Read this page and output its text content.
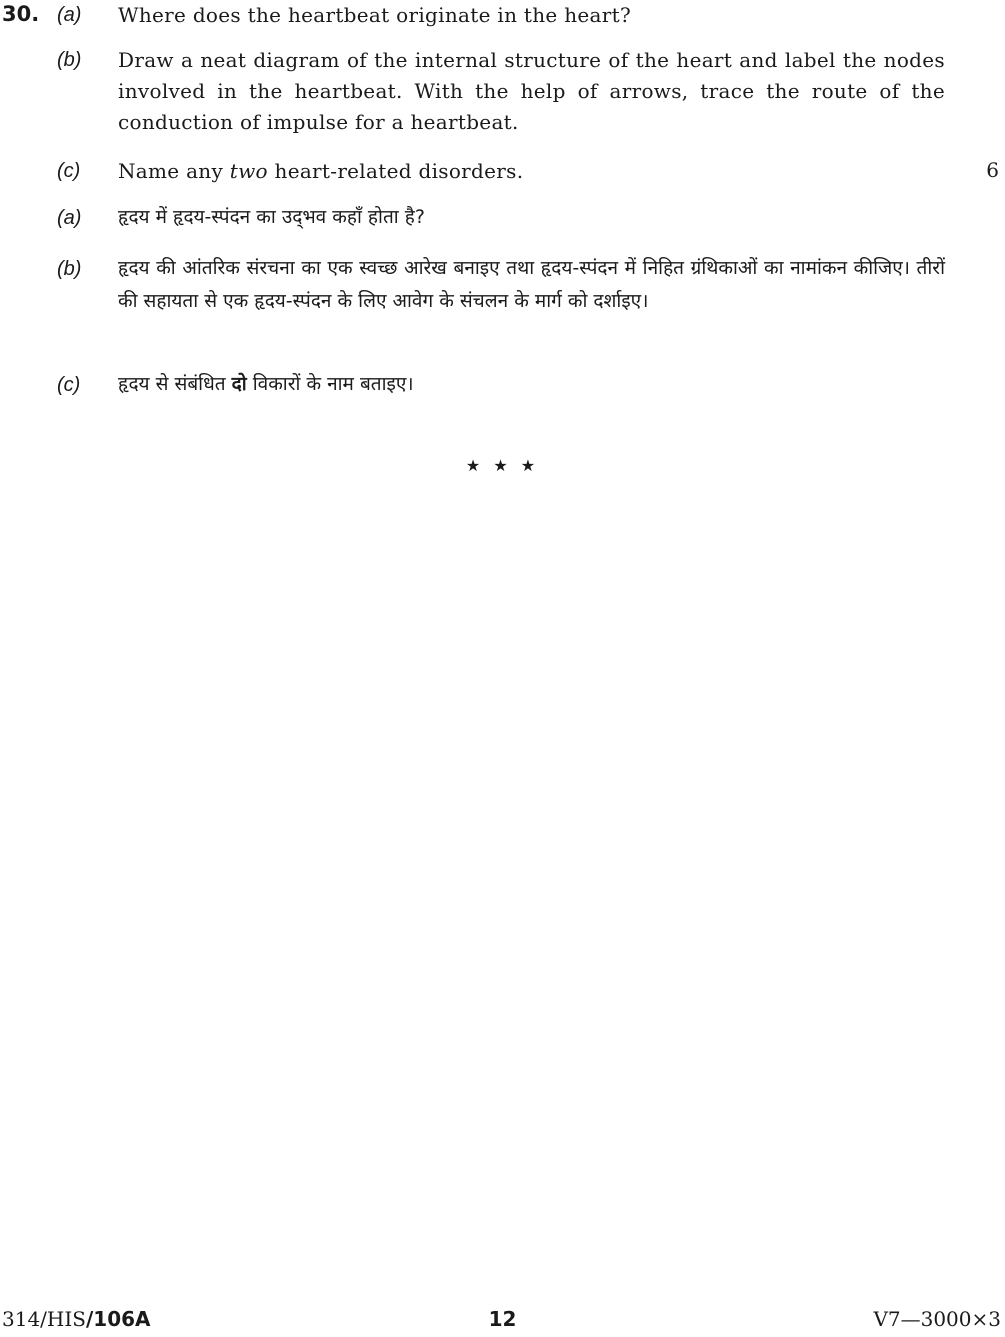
30. (a) Where does the heartbeat originate in the heart?
(b) Draw a neat diagram of the internal structure of the heart and label the nodes involved in the heartbeat. With the help of arrows, trace the route of the conduction of impulse for a heartbeat.
(c) Name any two heart-related disorders.	6
(a) हृदय में हृदय-स्पंदन का उद्‌भव कहाँ होता है?
(b) हृदय की आंतरिक संरचना का एक स्वच्छ आरेख बनाइए तथा हृदय-स्पंदन में निहित ग्रंथिकाओं का नामांकन कीजिए। तीरों की सहायता से एक हृदय-स्पंदन के लिए आवेग के संचलन के मार्ग को दर्शाइए।
(c) हृदय से संबंधित दो विकारों के नाम बताइए।
★ ★ ★
314/HIS/106A	12	V7—3000×3
